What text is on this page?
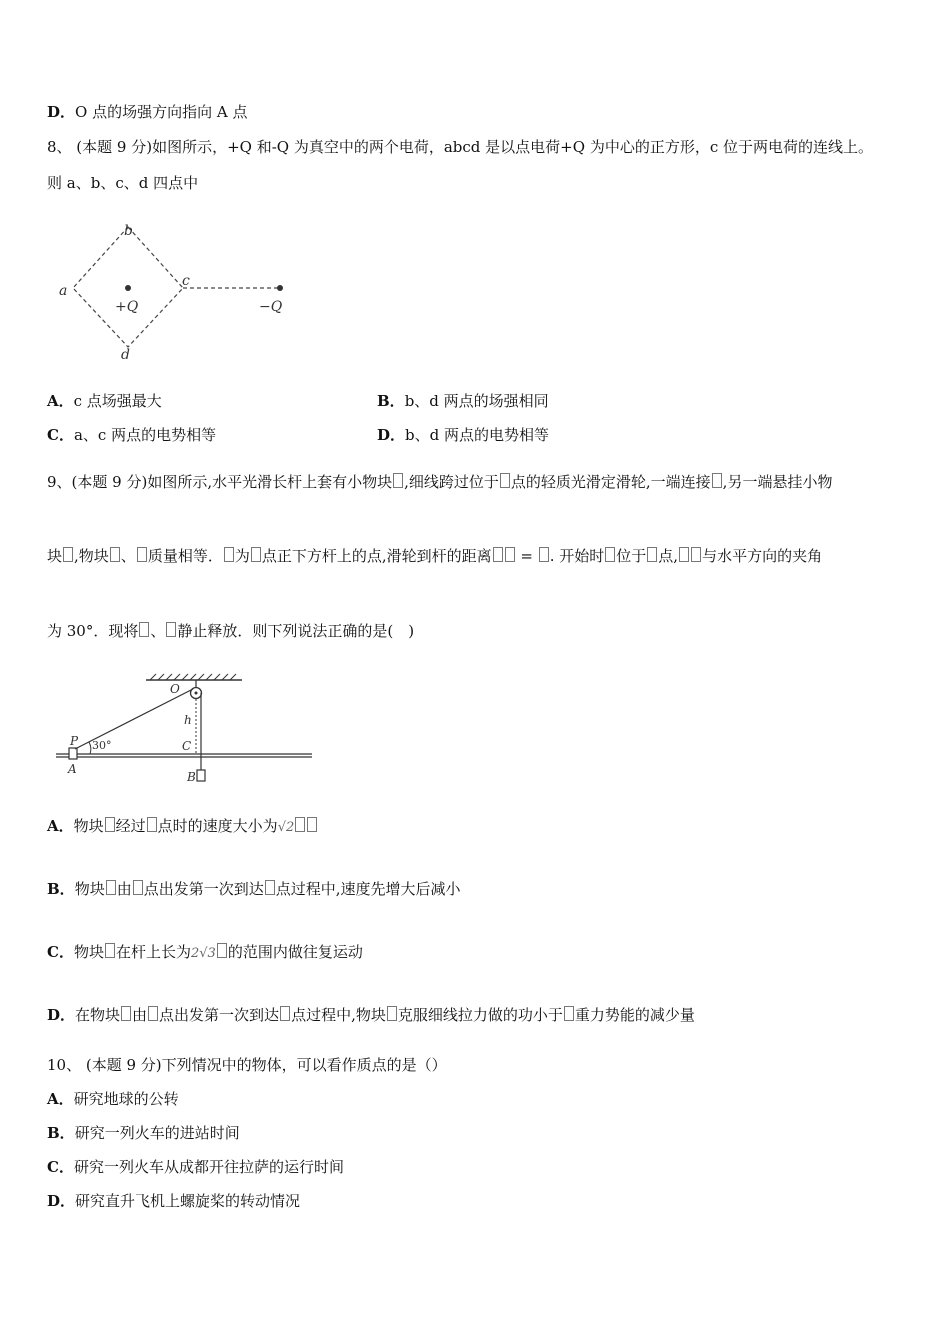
D．O 点的场强方向指向 A 点
8、 (本题 9 分)如图所示，+Q 和-Q 为真空中的两个电荷，abcd 是以点电荷+Q 为中心的正方形，c 位于两电荷的连线上。
则 a、b、c、d 四点中
b
a
c
d
+Q	−Q
A．c 点场强最大	B．b、d 两点的场强相同
C．a、c 两点的电势相等	D．b、d 两点的电势相等
9、(本题 9 分)如图所示,水平光滑长杆上套有小物块 ,细线跨过位于 点的轻质光滑定滑轮,一端连接 ,另一端悬挂小物
块 ,物块 、 质量相等． 为 点正下方杆上的点,滑轮到杆的距离 = . 开始时 位于 点, 与水平方向的夹角
为 30°．现将 、 静止释放．则下列说法正确的是(　)
O
P 30°
A
h
C
B
A．物块 经过 点时的速度大小为√2
B．物块 由 点出发第一次到达 点过程中,速度先增大后减小
C．物块 在杆上长为2√3 的范围内做往复运动
D．在物块 由 点出发第一次到达 点过程中,物块 克服细线拉力做的功小于 重力势能的减少量
10、 (本题 9 分)下列情况中的物体，可以看作质点的是（）
A．研究地球的公转
B．研究一列火车的进站时间
C．研究一列火车从成都开往拉萨的运行时间
D．研究直升飞机上螺旋桨的转动情况
